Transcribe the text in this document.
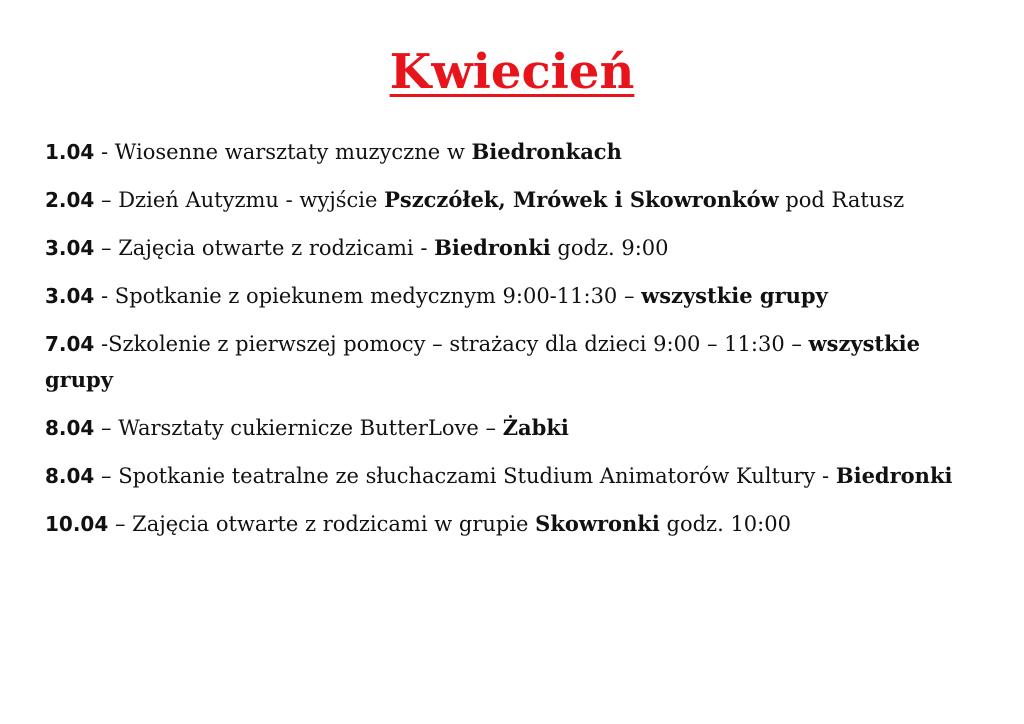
Kwiecień
1.04 - Wiosenne warsztaty muzyczne w Biedronkach
2.04 – Dzień Autyzmu - wyjście Pszczółek, Mrówek i Skowronków pod Ratusz
3.04 – Zajęcia otwarte z rodzicami - Biedronki godz. 9:00
3.04 - Spotkanie z opiekunem medycznym 9:00-11:30 – wszystkie grupy
7.04 -Szkolenie z pierwszej pomocy – strażacy dla dzieci 9:00 – 11:30 – wszystkie grupy
8.04 – Warsztaty cukiernicze ButterLove – Żabki
8.04 – Spotkanie teatralne ze słuchaczami Studium Animatorów Kultury - Biedronki
10.04 – Zajęcia otwarte z rodzicami w grupie Skowronki godz. 10:00
